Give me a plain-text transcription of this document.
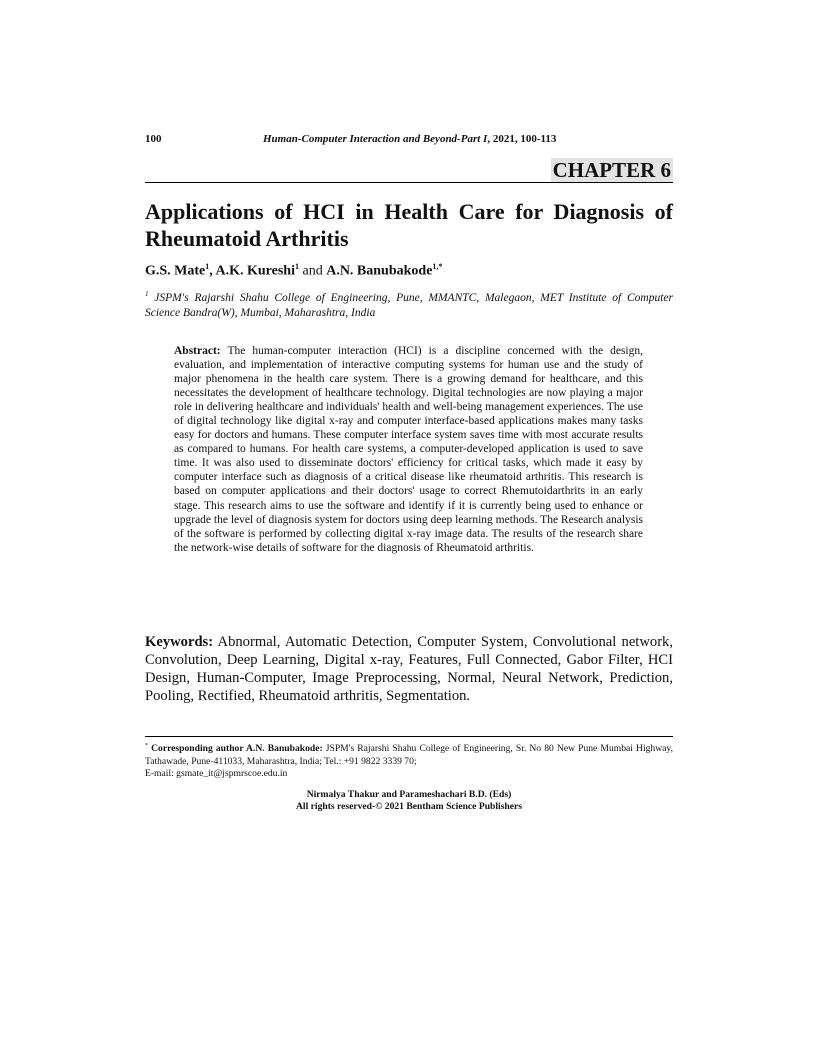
100	Human-Computer Interaction and Beyond-Part I, 2021, 100-113
CHAPTER 6
Applications of HCI in Health Care for Diagnosis of Rheumatoid Arthritis
G.S. Mate$^1$, A.K. Kureshi$^1$ and A.N. Banubakode$^{1,*}$
$^1$ JSPM's Rajarshi Shahu College of Engineering, Pune, MMANTC, Malegaon, MET Institute of Computer Science Bandra(W), Mumbai, Maharashtra, India
Abstract: The human-computer interaction (HCI) is a discipline concerned with the design, evaluation, and implementation of interactive computing systems for human use and the study of major phenomena in the health care system. There is a growing demand for healthcare, and this necessitates the development of healthcare technology. Digital technologies are now playing a major role in delivering healthcare and individuals' health and well-being management experiences. The use of digital technology like digital x-ray and computer interface-based applications makes many tasks easy for doctors and humans. These computer interface system saves time with most accurate results as compared to humans. For health care systems, a computer-developed application is used to save time. It was also used to disseminate doctors' efficiency for critical tasks, which made it easy by computer interface such as diagnosis of a critical disease like rheumatoid arthritis. This research is based on computer applications and their doctors' usage to correct Rhemutoidarthrits in an early stage. This research aims to use the software and identify if it is currently being used to enhance or upgrade the level of diagnosis system for doctors using deep learning methods. The Research analysis of the software is performed by collecting digital x-ray image data. The results of the research share the network-wise details of software for the diagnosis of Rheumatoid arthritis.
Keywords: Abnormal, Automatic Detection, Computer System, Convolutional network, Convolution, Deep Learning, Digital x-ray, Features, Full Connected, Gabor Filter, HCI Design, Human-Computer, Image Preprocessing, Normal, Neural Network, Prediction, Pooling, Rectified, Rheumatoid arthritis, Segmentation.
* Corresponding author A.N. Banubakode: JSPM's Rajarshi Shahu College of Engineering, Sr. No 80 New Pune Mumbai Highway, Tathawade, Pune-411033, Maharashtra, India; Tel.: +91 9822 3339 70;
E-mail: gsmate_it@jspmrscoe.edu.in
Nirmalya Thakur and Parameshachari B.D. (Eds)
All rights reserved-© 2021 Bentham Science Publishers
